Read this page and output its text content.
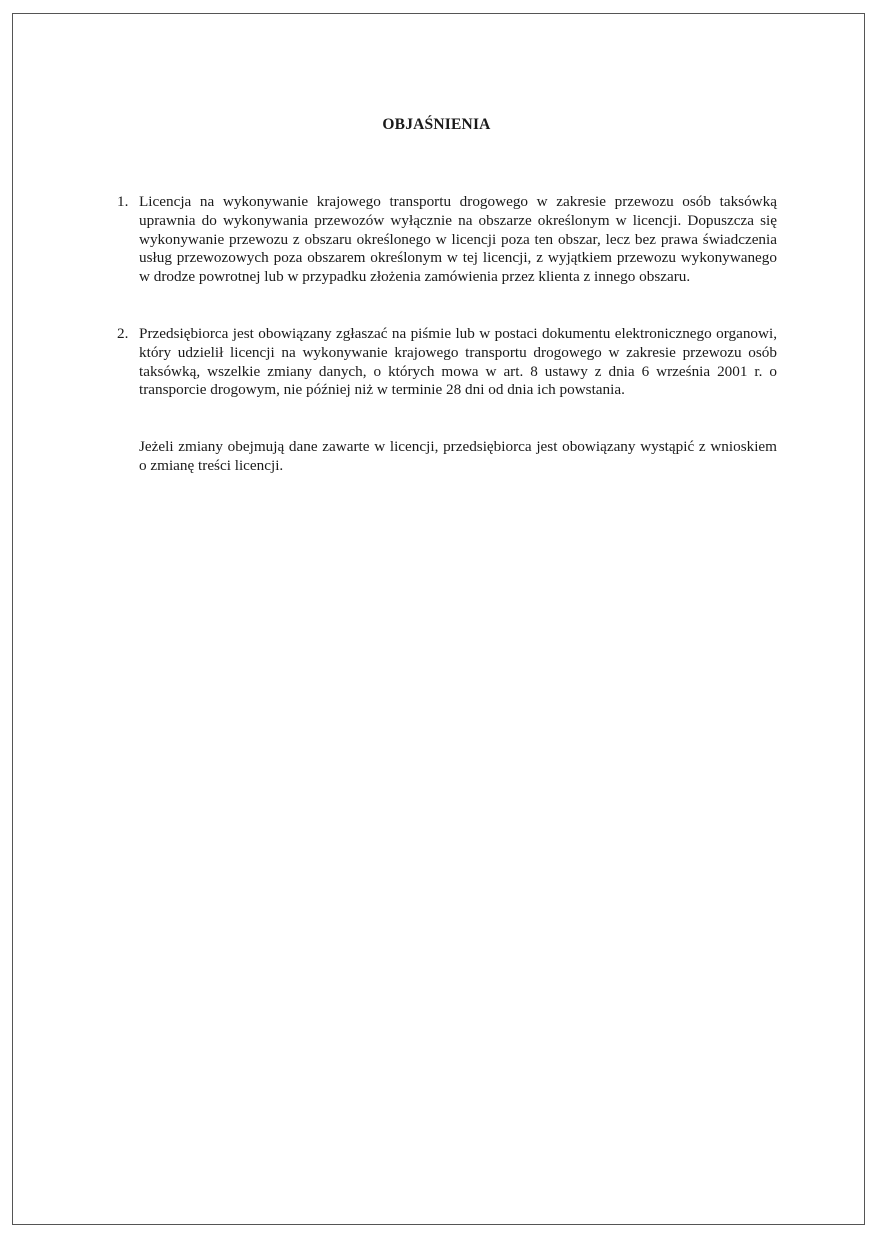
OBJAŚNIENIA
1. Licencja na wykonywanie krajowego transportu drogowego w zakresie przewozu osób taksówką uprawnia do wykonywania przewozów wyłącznie na obszarze określonym w licencji. Dopuszcza się wykonywanie przewozu z obszaru określonego w licencji poza ten obszar, lecz bez prawa świadczenia usług przewozowych poza obszarem określonym w tej licencji, z wyjątkiem przewozu wykonywanego w drodze powrotnej lub w przypadku złożenia zamówienia przez klienta z innego obszaru.
2. Przedsiębiorca jest obowiązany zgłaszać na piśmie lub w postaci dokumentu elektronicznego organowi, który udzielił licencji na wykonywanie krajowego transportu drogowego w zakresie przewozu osób taksówką, wszelkie zmiany danych, o których mowa w art. 8 ustawy z dnia 6 września 2001 r. o transporcie drogowym, nie później niż w terminie 28 dni od dnia ich powstania.
Jeżeli zmiany obejmują dane zawarte w licencji, przedsiębiorca jest obowiązany wystąpić z wnioskiem o zmianę treści licencji.
